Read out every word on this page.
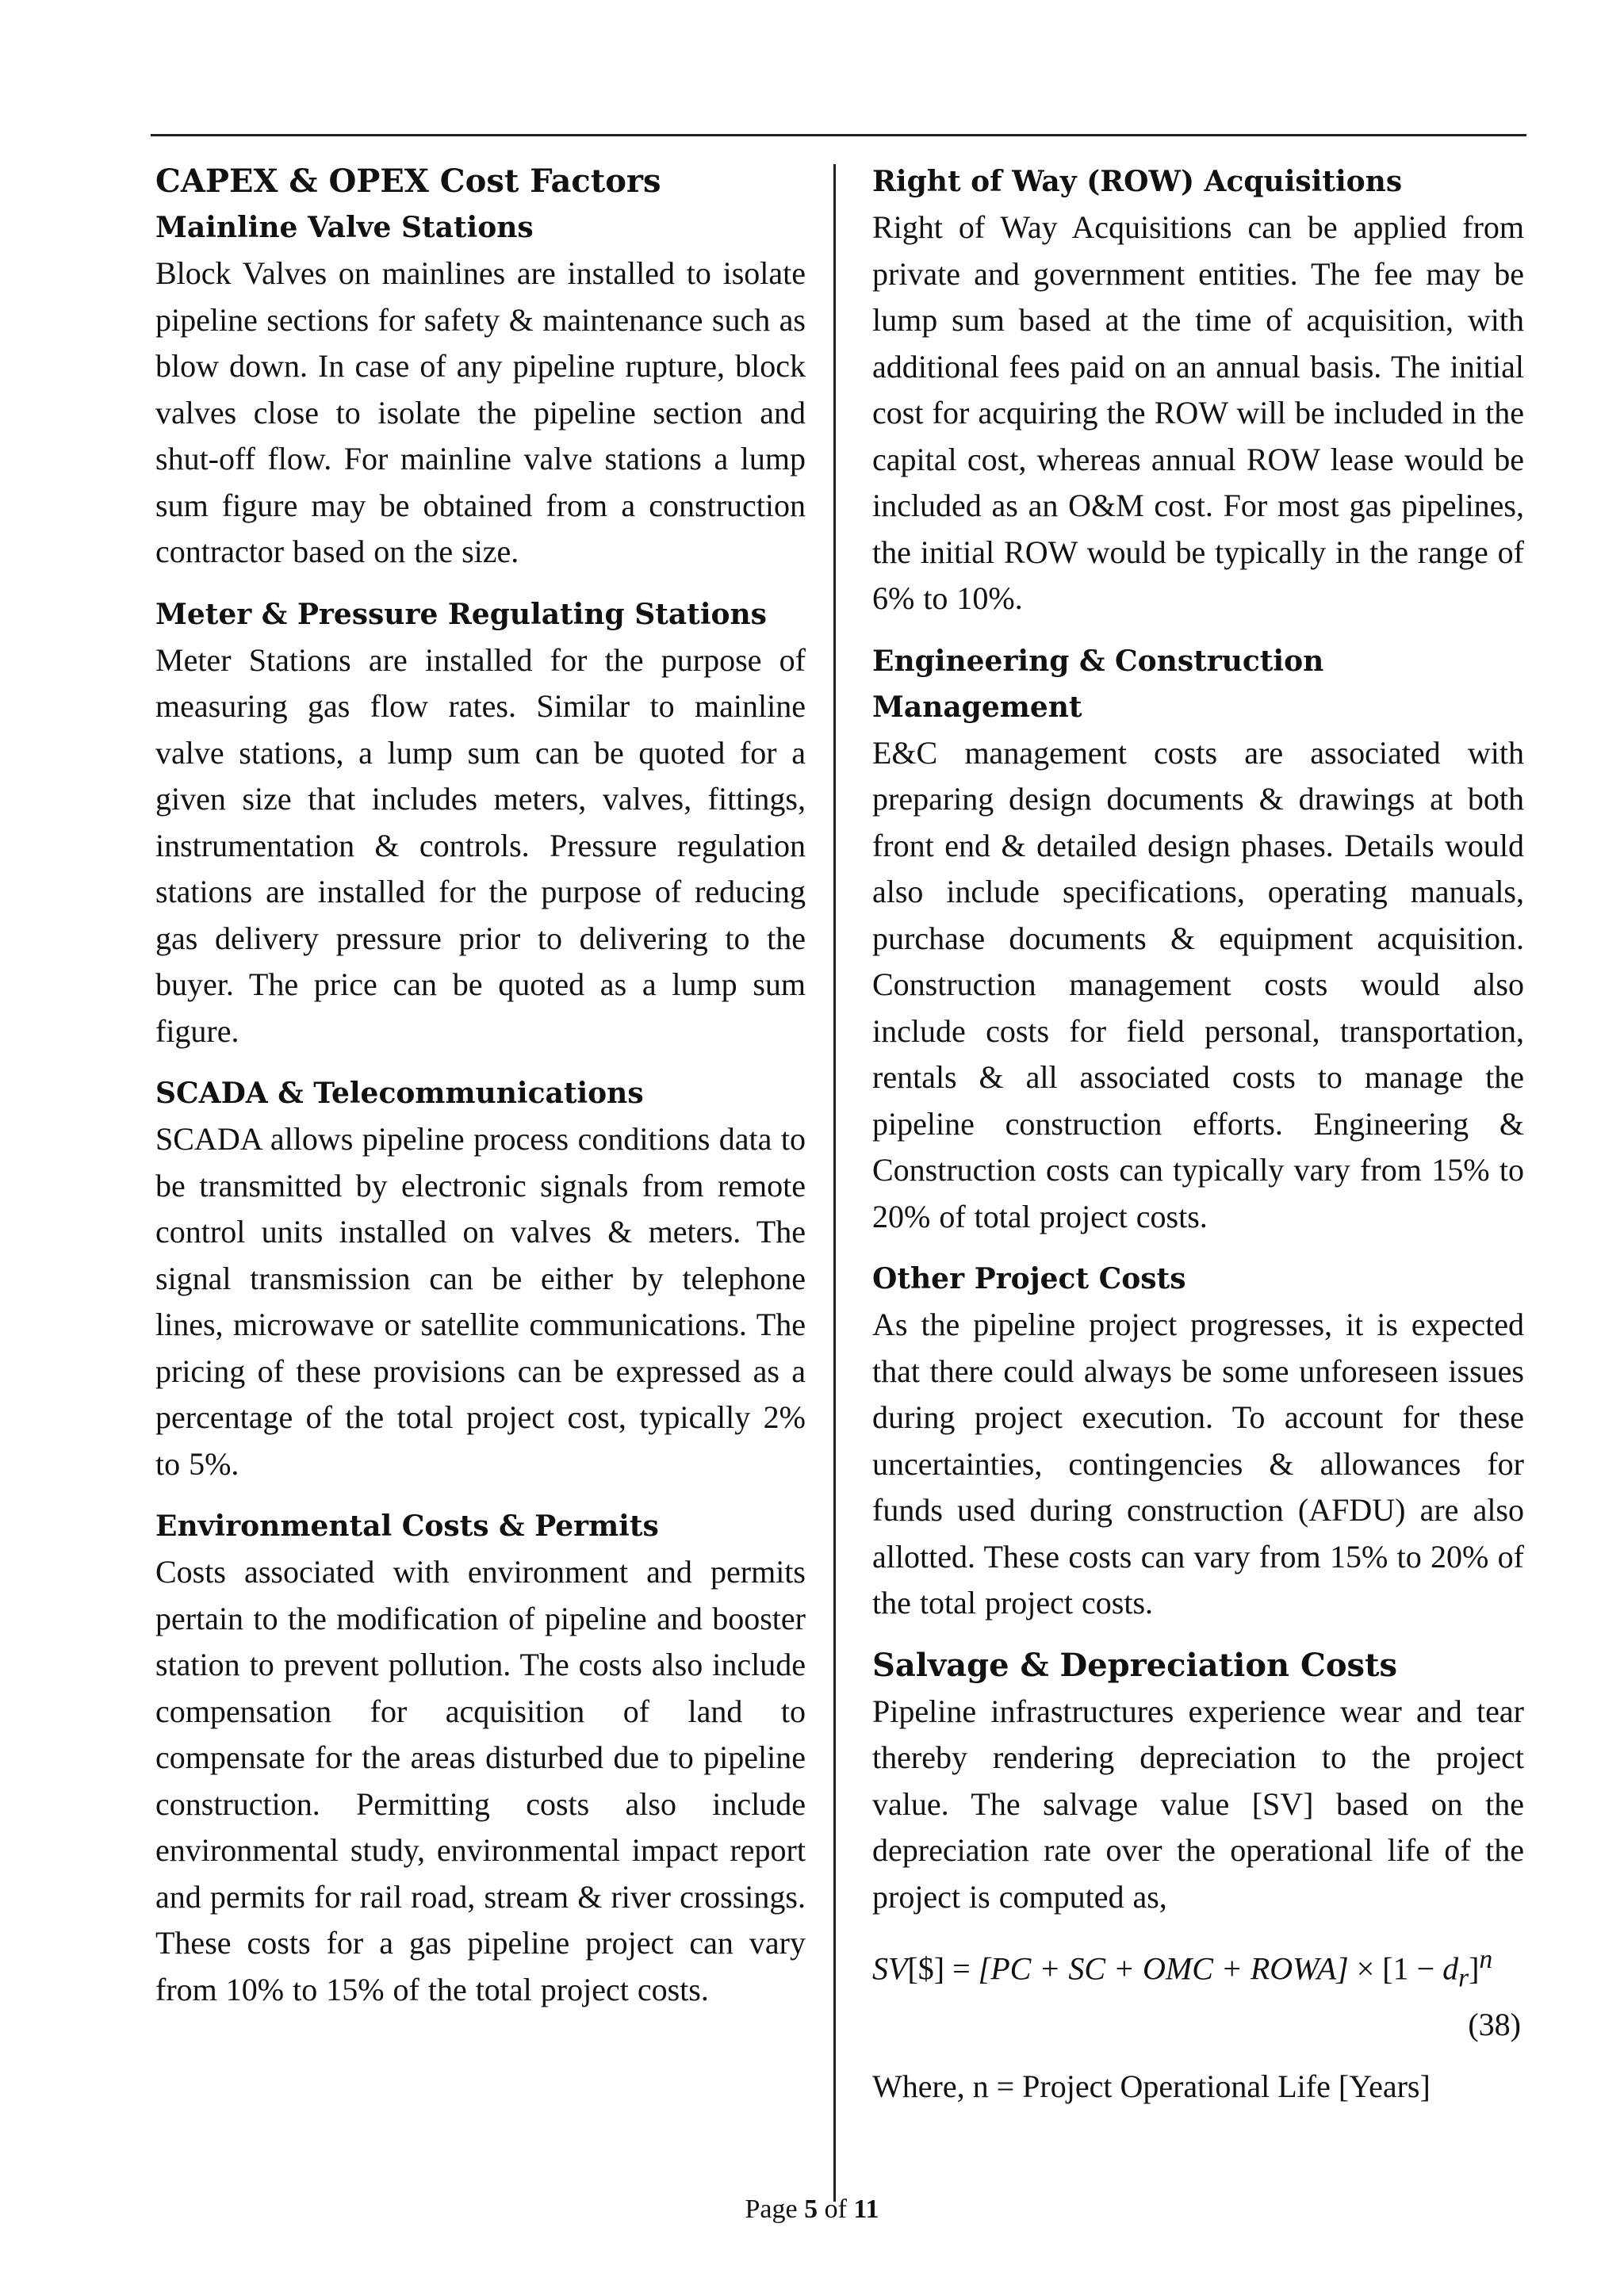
CAPEX & OPEX Cost Factors
Mainline Valve Stations

Block Valves on mainlines are installed to isolate pipeline sections for safety & maintenance such as blow down. In case of any pipeline rupture, block valves close to isolate the pipeline section and shut-off flow. For mainline valve stations a lump sum figure may be obtained from a construction contractor based on the size.

Meter & Pressure Regulating Stations

Meter Stations are installed for the purpose of measuring gas flow rates. Similar to mainline valve stations, a lump sum can be quoted for a given size that includes meters, valves, fittings, instrumentation & controls. Pressure regulation stations are installed for the purpose of reducing gas delivery pressure prior to delivering to the buyer. The price can be quoted as a lump sum figure.

SCADA & Telecommunications

SCADA allows pipeline process conditions data to be transmitted by electronic signals from remote control units installed on valves & meters. The signal transmission can be either by telephone lines, microwave or satellite communications. The pricing of these provisions can be expressed as a percentage of the total project cost, typically 2% to 5%.

Environmental Costs & Permits

Costs associated with environment and permits pertain to the modification of pipeline and booster station to prevent pollution. The costs also include compensation for acquisition of land to compensate for the areas disturbed due to pipeline construction. Permitting costs also include environmental study, environmental impact report and permits for rail road, stream & river crossings. These costs for a gas pipeline project can vary from 10% to 15% of the total project costs.

Right of Way (ROW) Acquisitions

Right of Way Acquisitions can be applied from private and government entities. The fee may be lump sum based at the time of acquisition, with additional fees paid on an annual basis. The initial cost for acquiring the ROW will be included in the capital cost, whereas annual ROW lease would be included as an O&M cost. For most gas pipelines, the initial ROW would be typically in the range of 6% to 10%.

Engineering & Construction Management

E&C management costs are associated with preparing design documents & drawings at both front end & detailed design phases. Details would also include specifications, operating manuals, purchase documents & equipment acquisition. Construction management costs would also include costs for field personal, transportation, rentals & all associated costs to manage the pipeline construction efforts. Engineering & Construction costs can typically vary from 15% to 20% of total project costs.

Other Project Costs

As the pipeline project progresses, it is expected that there could always be some unforeseen issues during project execution. To account for these uncertainties, contingencies & allowances for funds used during construction (AFDU) are also allotted. These costs can vary from 15% to 20% of the total project costs.

Salvage & Depreciation Costs

Pipeline infrastructures experience wear and tear thereby rendering depreciation to the project value. The salvage value [SV] based on the depreciation rate over the operational life of the project is computed as,

SV[$] = [PC + SC + OMC + ROWA] × $[1 - d_r]^n$
(38)
Where, n = Project Operational Life [Years]
Page 5 of 11
